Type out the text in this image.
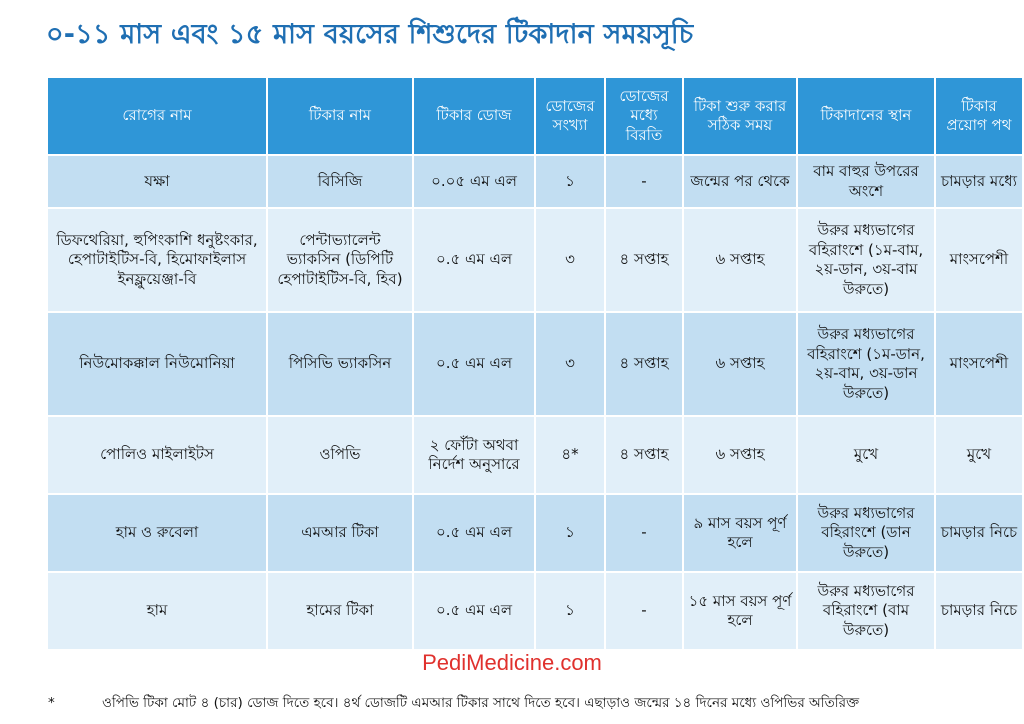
০-১১ মাস এবং ১৫ মাস বয়সের শিশুদের টিকাদান সময়সূচি
রোগের নাম	টিকার নাম	টিকার ডোজ	ডোজের সংখ্যা	ডোজের মধ্যে বিরতি	টিকা শুরু করার সঠিক সময়	টিকাদানের স্থান	টিকার প্রয়োগ পথ
যক্ষা	বিসিজি	০.০৫ এম এল	১	-	জন্মের পর থেকে	বাম বাহুর উপরের অংশে	চামড়ার মধ্যে
ডিফথেরিয়া, হুপিংকাশি ধনুষ্টংকার, হেপাটাইটিস-বি, হিমোফাইলাস ইনফ্লুয়েঞ্জা-বি	পেন্টাভ্যালেন্ট ভ্যাকসিন (ডিপিটি হেপাটাইটিস-বি, হিব)	০.৫ এম এল	৩	৪ সপ্তাহ	৬ সপ্তাহ	উরুর মধ্যভাগের বহিরাংশে (১ম-বাম, ২য়-ডান, ৩য়-বাম উরুতে)	মাংসপেশী
নিউমোকক্কাল নিউমোনিয়া	পিসিভি ভ্যাকসিন	০.৫ এম এল	৩	৪ সপ্তাহ	৬ সপ্তাহ	উরুর মধ্যভাগের বহিরাংশে (১ম-ডান, ২য়-বাম, ৩য়-ডান উরুতে)	মাংসপেশী
পোলিও মাইলাইটস	ওপিভি	২ ফোঁটা অথবা নির্দেশ অনুসারে	৪*	৪ সপ্তাহ	৬ সপ্তাহ	মুখে	মুখে
হাম ও রুবেলা	এমআর টিকা	০.৫ এম এল	১	-	৯ মাস বয়স পূর্ণ হলে	উরুর মধ্যভাগের বহিরাংশে (ডান উরুতে)	চামড়ার নিচে
হাম	হামের টিকা	০.৫ এম এল	১	-	১৫ মাস বয়স পূর্ণ হলে	উরুর মধ্যভাগের বহিরাংশে (বাম উরুতে)	চামড়ার নিচে
PediMedicine.com
*	ওপিভি টিকা মোট ৪ (চার) ডোজ দিতে হবে। ৪র্থ ডোজটি এমআর টিকার সাথে দিতে হবে। এছাড়াও জন্মের ১৪ দিনের মধ্যে ওপিভির অতিরিক্ত
